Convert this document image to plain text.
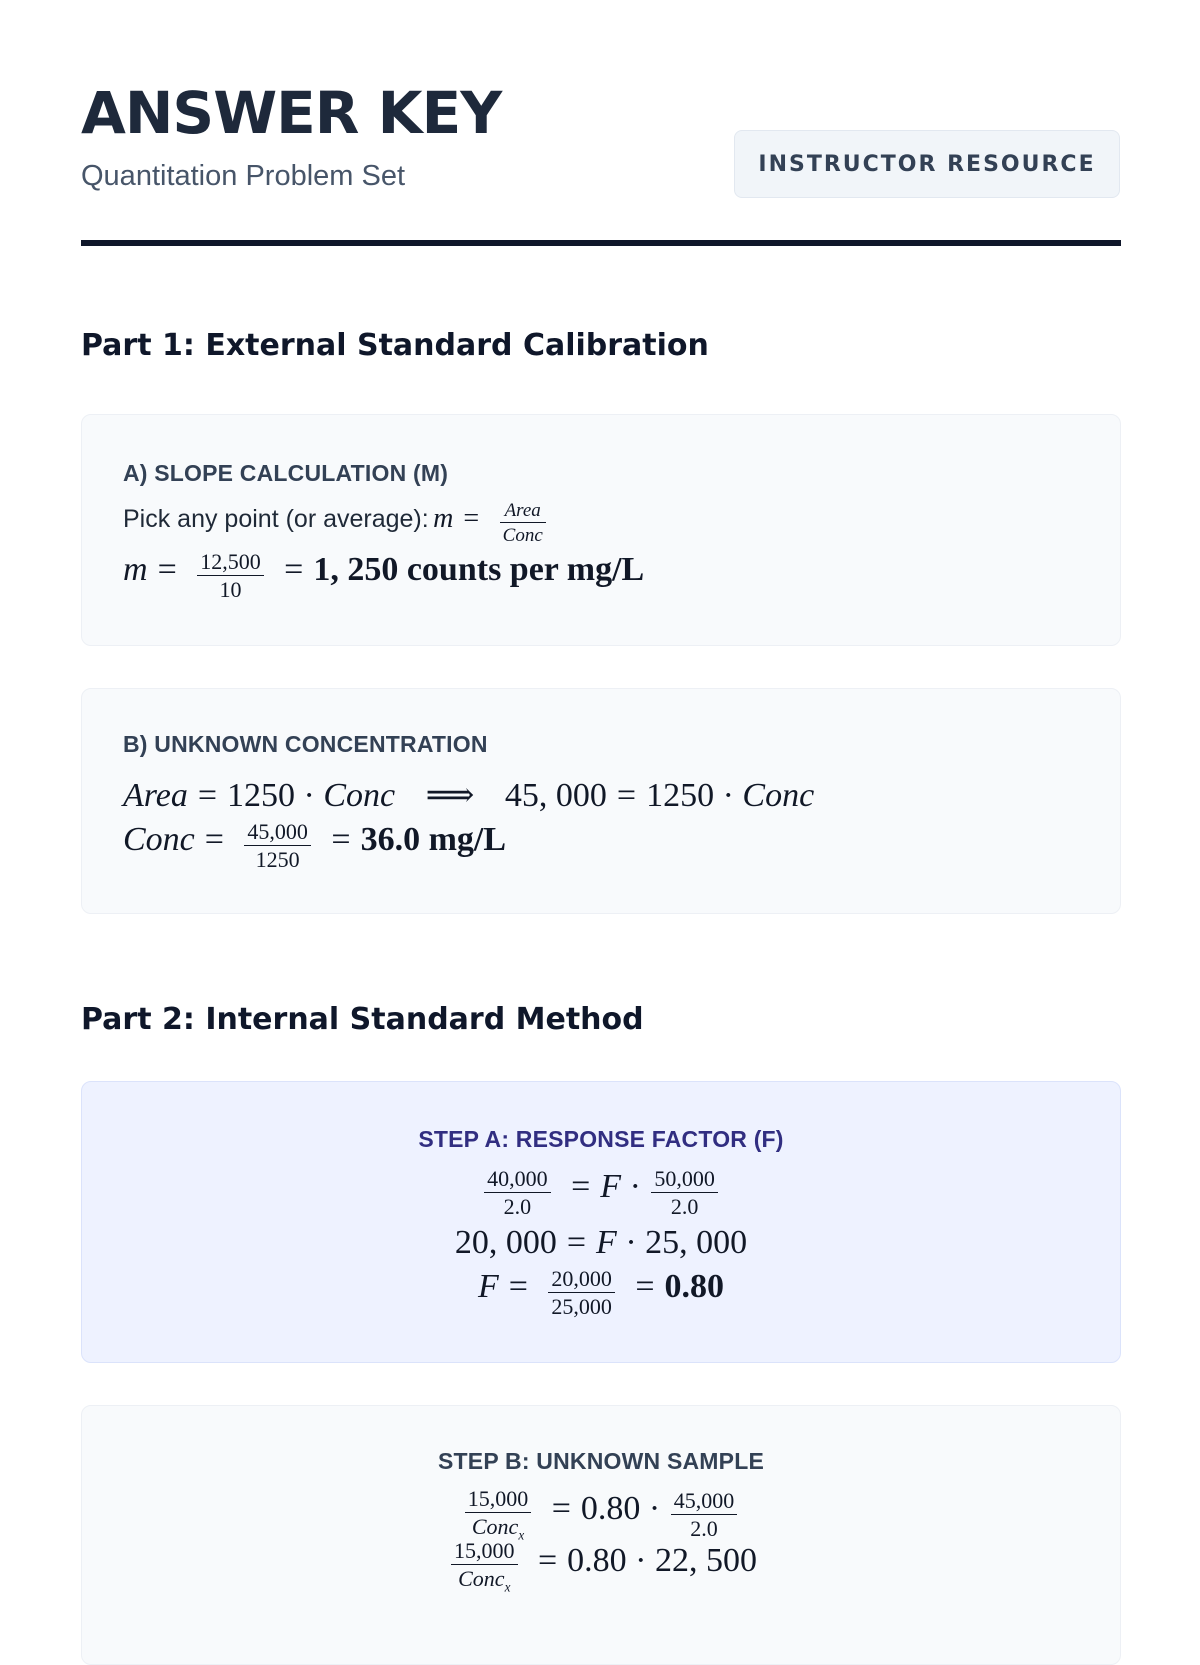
ANSWER KEY
Quantitation Problem Set	INSTRUCTOR RESOURCE
Part 1: External Standard Calibration
A) SLOPE CALCULATION (M)
Pick any point (or average): $m = \frac{\text{Area}}{\text{Conc}}$
$m = \frac{12,500}{10} = 1$, 250 counts per mg/L
B) UNKNOWN CONCENTRATION
Area = 1250 · Conc ⟹ 45, 000 = 1250 · Conc
Conc = $\frac{45,000}{1250} = 36.0$ mg/L
Part 2: Internal Standard Method
STEP A: RESPONSE FACTOR (F)
$\frac{40,000}{2.0} = F \cdot \frac{50,000}{2.0}$
20, 000 = F · 25, 000
$F = \frac{20,000}{25,000} = 0.80$
STEP B: UNKNOWN SAMPLE
$\frac{15,000}{Conc_x} = 0.80 \cdot \frac{45,000}{2.0}$
$\frac{15,000}{Conc_x} = 0.80 \cdot 22$, 500
